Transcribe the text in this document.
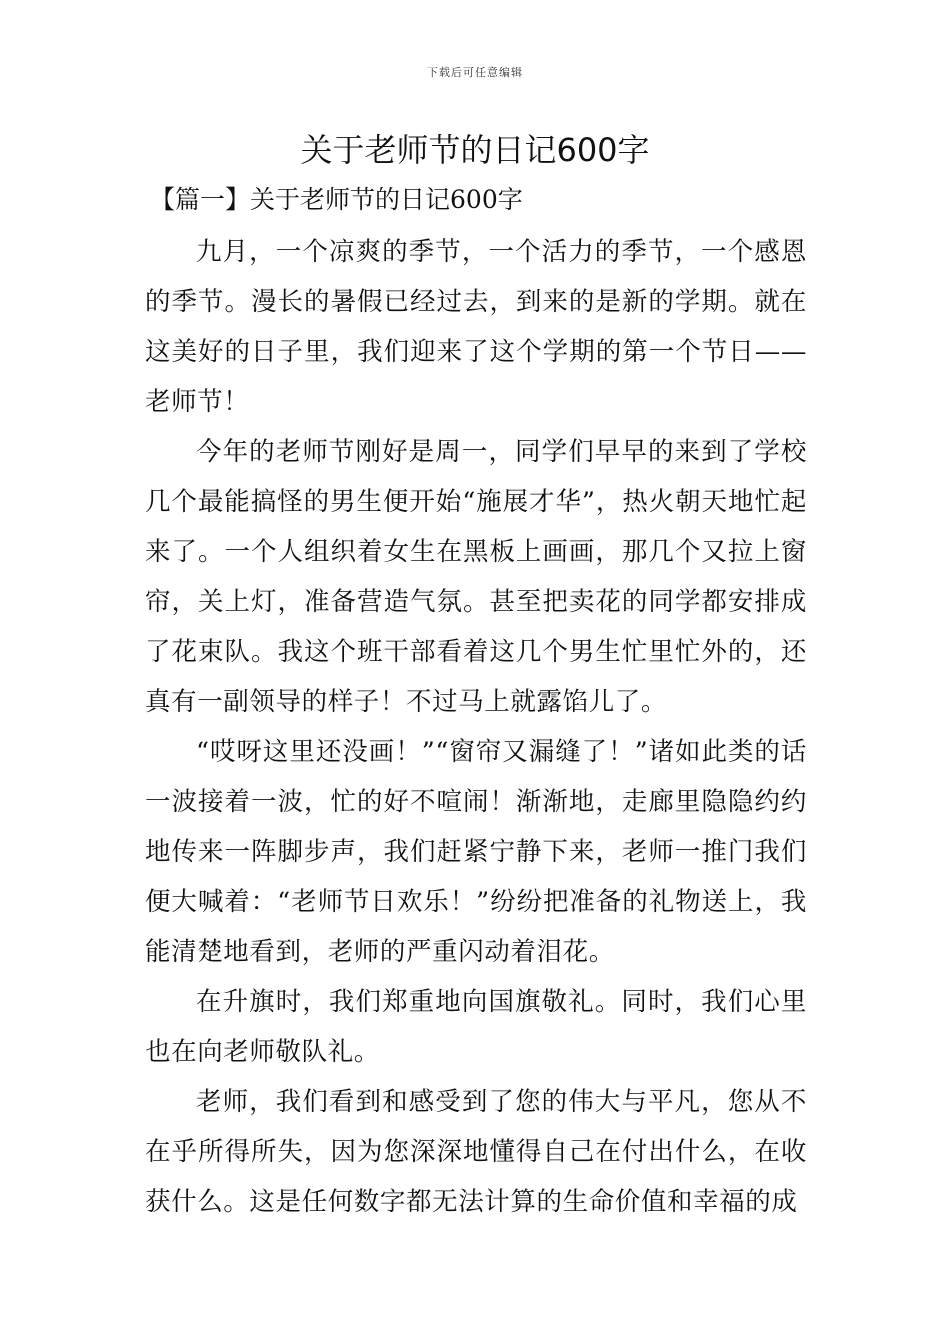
下载后可任意编辑
关于老师节的日记600字
【篇一】关于老师节的日记600字

九月，一个凉爽的季节，一个活力的季节，一个感恩的季节。漫长的暑假已经过去，到来的是新的学期。就在这美好的日子里，我们迎来了这个学期的第一个节日——老师节！

今年的老师节刚好是周一，同学们早早的来到了学校几个最能搞怪的男生便开始“施展才华”，热火朝天地忙起来了。一个人组织着女生在黑板上画画，那几个又拉上窗帘，关上灯，准备营造气氛。甚至把卖花的同学都安排成了花束队。我这个班干部看着这几个男生忙里忙外的，还真有一副领导的样子！不过马上就露馅儿了。

“哎呀这里还没画！”“窗帘又漏缝了！”诸如此类的话一波接着一波，忙的好不喧闹！渐渐地，走廊里隐隐约约地传来一阵脚步声，我们赶紧宁静下来，老师一推门我们便大喊着：“老师节日欢乐！”纷纷把准备的礼物送上，我能清楚地看到，老师的严重闪动着泪花。

在升旗时，我们郑重地向国旗敬礼。同时，我们心里也在向老师敬队礼。

老师，我们看到和感受到了您的伟大与平凡，您从不在乎所得所失，因为您深深地懂得自己在付出什么，在收获什么。这是任何数字都无法计算的生命价值和幸福的成
